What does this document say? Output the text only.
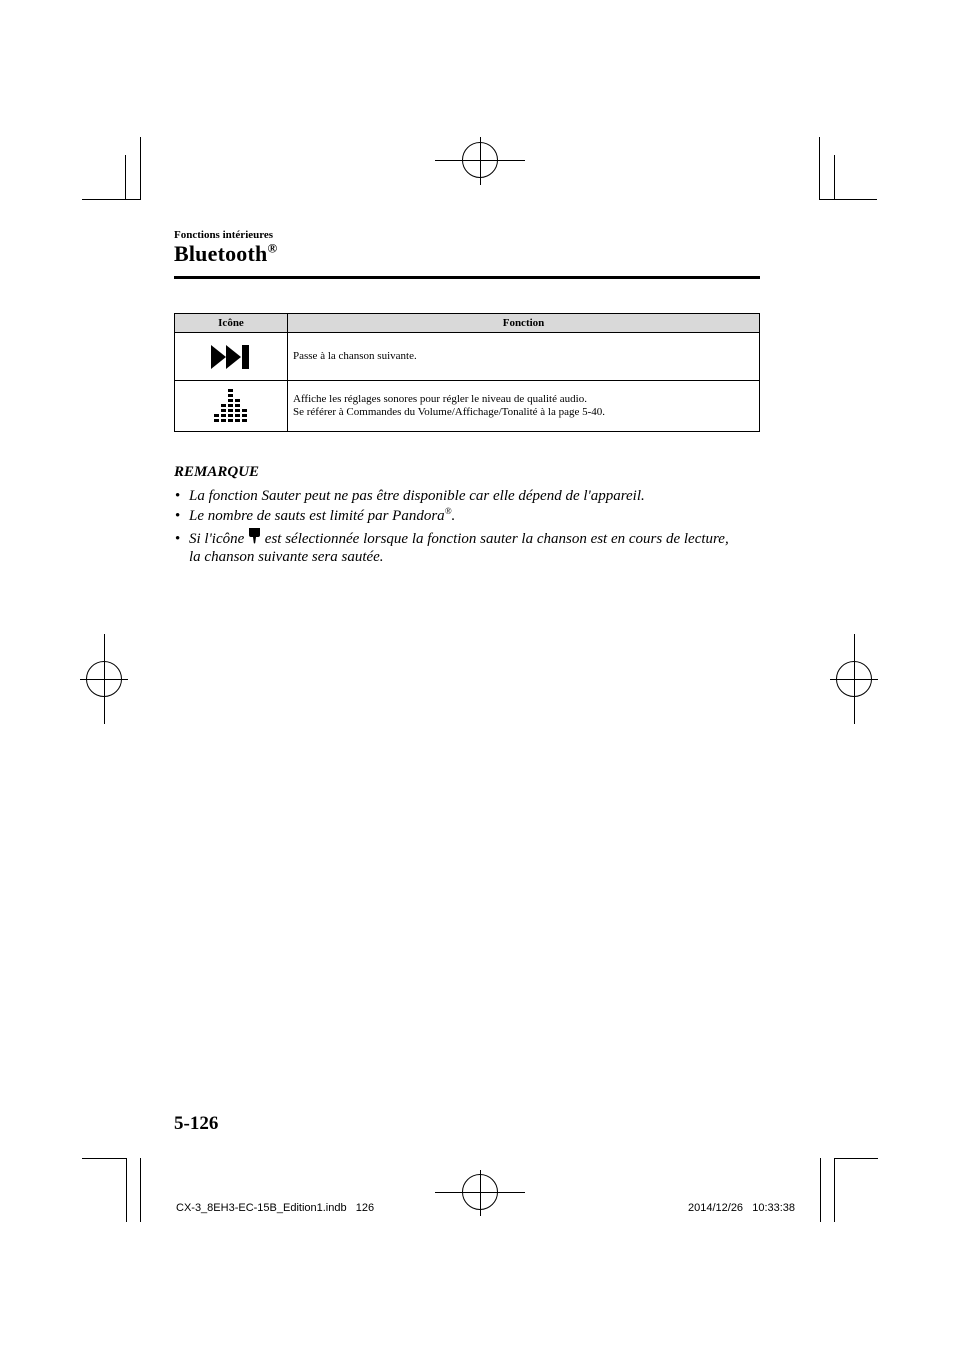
Fonctions intérieures
Bluetooth®
Icône	Fonction

Passe à la chanson suivante.

Affiche les réglages sonores pour régler le niveau de qualité audio.
Se référer à Commandes du Volume/Affichage/Tonalité à la page 5-40.
REMARQUE
• La fonction Sauter peut ne pas être disponible car elle dépend de l'appareil.
• Le nombre de sauts est limité par Pandora®.
• Si l'icône  est sélectionnée lorsque la fonction sauter la chanson est en cours de lecture,
la chanson suivante sera sautée.
5-126
CX-3_8EH3-EC-15B_Edition1.indb   126	2014/12/26   10:33:38
